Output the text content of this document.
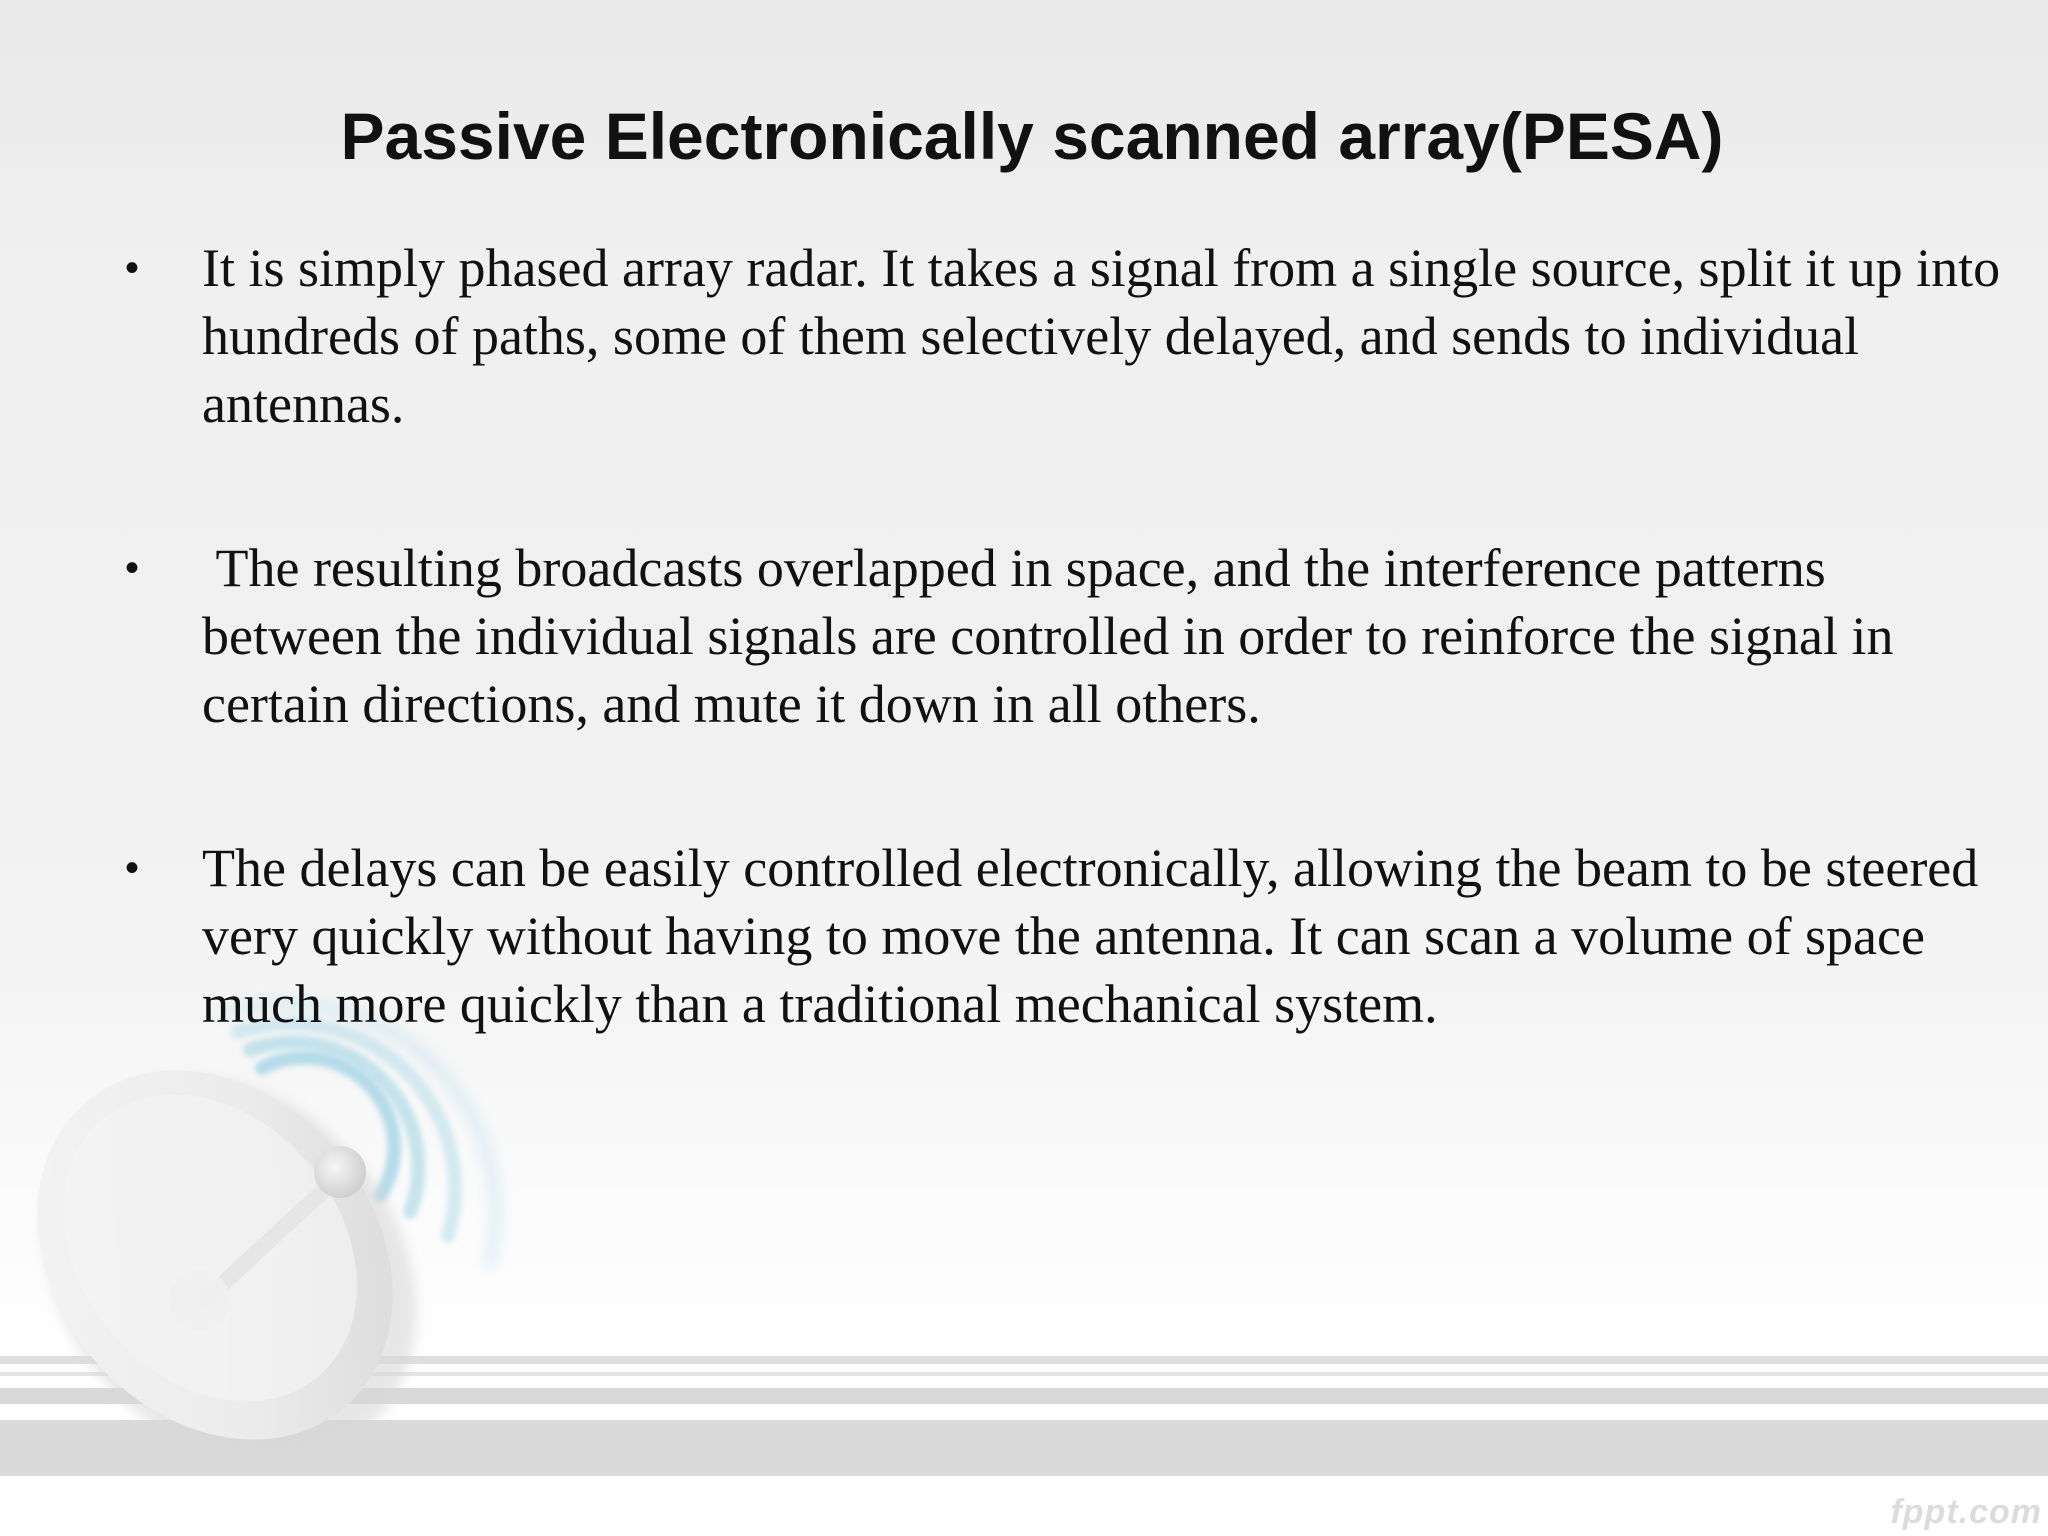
Passive Electronically scanned array(PESA)
• It is simply phased array radar. It takes a signal from a single source, split it up into hundreds of paths, some of them selectively delayed, and sends to individual antennas.

• The resulting broadcasts overlapped in space, and the interference patterns between the individual signals are controlled in order to reinforce the signal in certain directions, and mute it down in all others.

• The delays can be easily controlled electronically, allowing the beam to be steered very quickly without having to move the antenna. It can scan a volume of space much more quickly than a traditional mechanical system.

fppt.com
